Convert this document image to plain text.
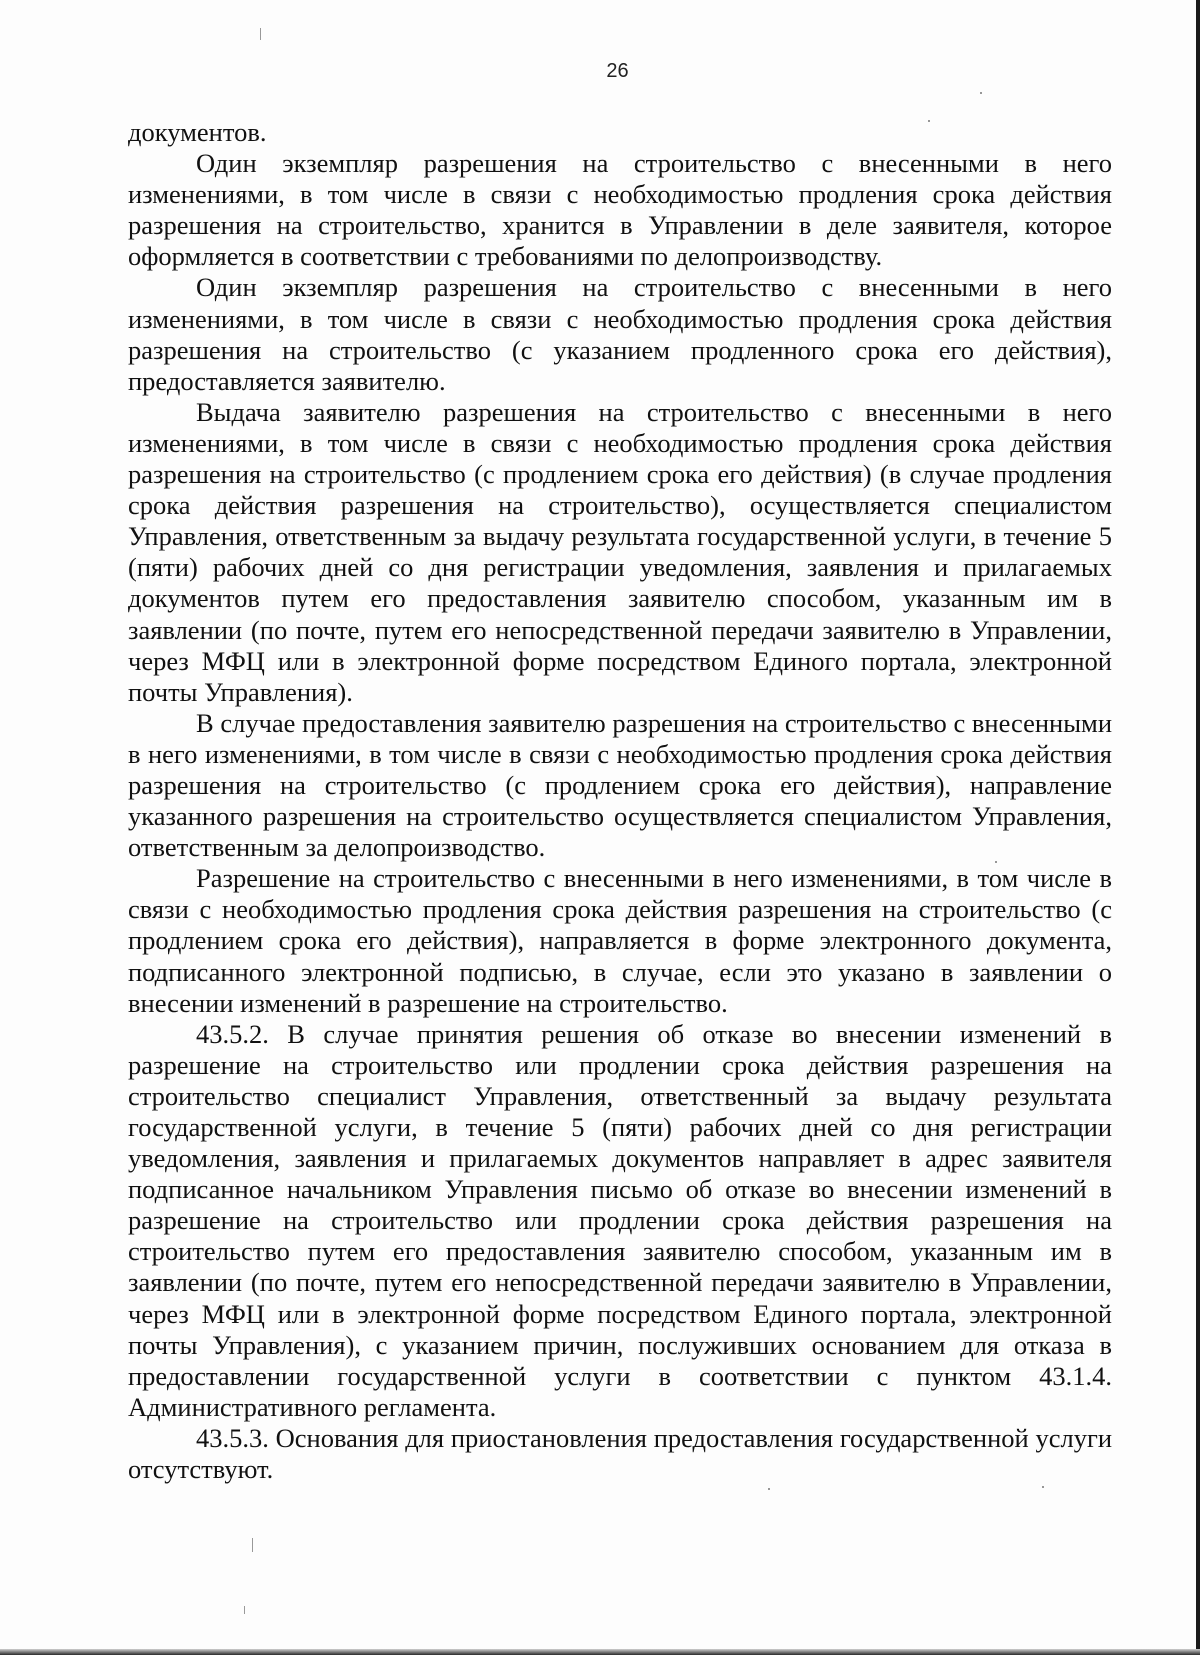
26

документов.

Один экземпляр разрешения на строительство с внесенными в него изменениями, в том числе в связи с необходимостью продления срока действия разрешения на строительство, хранится в Управлении в деле заявителя, которое оформляется в соответствии с требованиями по делопроизводству.

Один экземпляр разрешения на строительство с внесенными в него изменениями, в том числе в связи с необходимостью продления срока действия разрешения на строительство (с указанием продленного срока его действия), предоставляется заявителю.

Выдача заявителю разрешения на строительство с внесенными в него изменениями, в том числе в связи с необходимостью продления срока действия разрешения на строительство (с продлением срока его действия) (в случае продления срока действия разрешения на строительство), осуществляется специалистом Управления, ответственным за выдачу результата государственной услуги, в течение 5 (пяти) рабочих дней со дня регистрации уведомления, заявления и прилагаемых документов путем его предоставления заявителю способом, указанным им в заявлении (по почте, путем его непосредственной передачи заявителю в Управлении, через МФЦ или в электронной форме посредством Единого портала, электронной почты Управления).

В случае предоставления заявителю разрешения на строительство с внесенными в него изменениями, в том числе в связи с необходимостью продления срока действия разрешения на строительство (с продлением срока его действия), направление указанного разрешения на строительство осуществляется специалистом Управления, ответственным за делопроизводство.

Разрешение на строительство с внесенными в него изменениями, в том числе в связи с необходимостью продления срока действия разрешения на строительство (с продлением срока его действия), направляется в форме электронного документа, подписанного электронной подписью, в случае, если это указано в заявлении о внесении изменений в разрешение на строительство.

43.5.2. В случае принятия решения об отказе во внесении изменений в разрешение на строительство или продлении срока действия разрешения на строительство специалист Управления, ответственный за выдачу результата государственной услуги, в течение 5 (пяти) рабочих дней со дня регистрации уведомления, заявления и прилагаемых документов направляет в адрес заявителя подписанное начальником Управления письмо об отказе во внесении изменений в разрешение на строительство или продлении срока действия разрешения на строительство путем его предоставления заявителю способом, указанным им в заявлении (по почте, путем его непосредственной передачи заявителю в Управлении, через МФЦ или в электронной форме посредством Единого портала, электронной почты Управления), с указанием причин, послуживших основанием для отказа в предоставлении государственной услуги в соответствии с пунктом 43.1.4. Административного регламента.

43.5.3. Основания для приостановления предоставления государственной услуги отсутствуют.
